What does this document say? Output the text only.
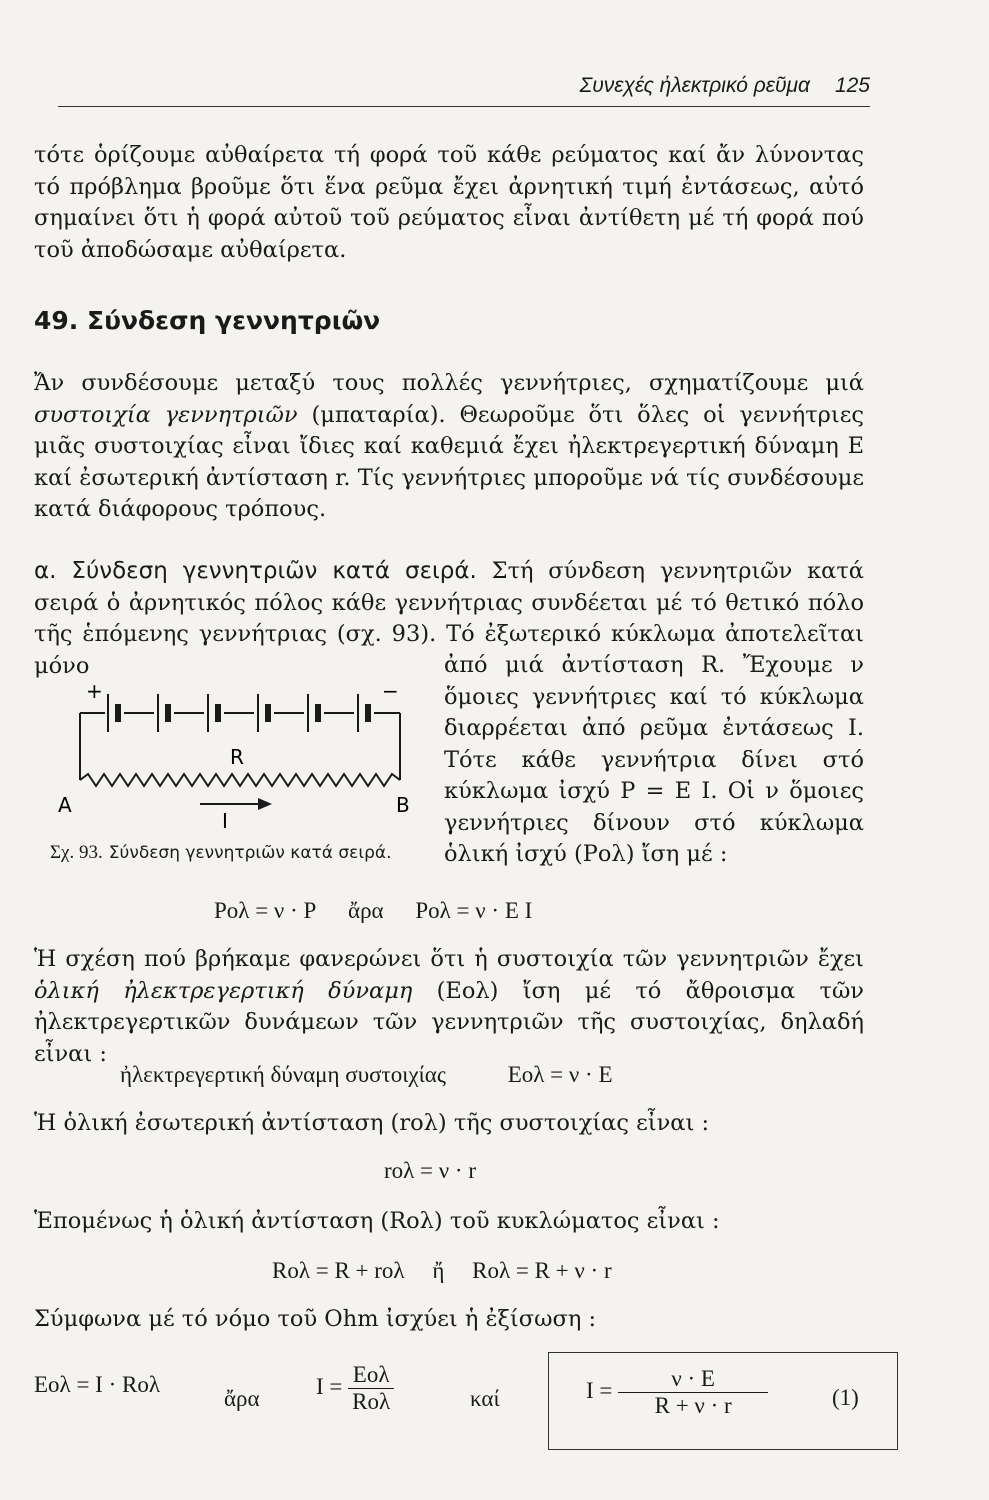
Συνεχές ἠλεκτρικό ρεῦμα 125
τότε ὁρίζουμε αὐθαίρετα τή φορά τοῦ κάθε ρεύματος καί ἄν λύνοντας τό πρόβλημα βροῦμε ὅτι ἕνα ρεῦμα ἔχει ἀρνητική τιμή ἐντάσεως, αὐτό σημαίνει ὅτι ἡ φορά αὐτοῦ τοῦ ρεύματος εἶναι ἀντίθετη μέ τή φορά πού τοῦ ἀποδώσαμε αὐθαίρετα.
49. Σύνδεση γεννητριῶν
Ἄν συνδέσουμε μεταξύ τους πολλές γεννήτριες, σχηματίζουμε μιά συστοιχία γεννητριῶν (μπαταρία). Θεωροῦμε ὅτι ὅλες οἱ γεννήτριες μιᾶς συστοιχίας εἶναι ἴδιες καί καθεμιά ἔχει ἠλεκτρεγερτική δύναμη Ε καί ἐσωτερική ἀντίσταση r. Τίς γεννήτριες μποροῦμε νά τίς συνδέσουμε κατά διάφορους τρόπους.
α. Σύνδεση γεννητριῶν κατά σειρά. Στή σύνδεση γεννητριῶν κατά σειρά ὁ ἀρνητικός πόλος κάθε γεννήτριας συνδέεται μέ τό θετικό πόλο τῆς ἑπόμενης γεννήτριας (σχ. 93). Τό ἐξωτερικό κύκλωμα ἀποτελεῖται μόνο	ἀπό μιά ἀντίσταση R. Ἔχουμε ν ὅμοιες γεννήτριες καί τό κύκλωμα διαρρέεται ἀπό ρεῦμα ἐντάσεως I. Τότε κάθε γεννήτρια δίνει στό κύκλωμα ἰσχύ Ρ = Ε I. Οἱ ν ὅμοιες γεννήτριες δίνουν στό κύκλωμα ὁλική ἰσχύ (Ρολ) ἴση μέ :
+	−
R
A	B
I
Σχ. 93. Σύνδεση γεννητριῶν κατά σειρά.
Ρολ = ν · Ρ ἄρα Ρολ = ν · Ε I
Ἡ σχέση πού βρήκαμε φανερώνει ὅτι ἡ συστοιχία τῶν γεννητριῶν ἔχει ὁλική ἠλεκτρεγερτική δύναμη (Εολ) ἴση μέ τό ἄθροισμα τῶν ἠλεκτρεγερτικῶν δυνάμεων τῶν γεννητριῶν τῆς συστοιχίας, δηλαδή εἶναι :
ἠλεκτρεγερτική δύναμη συστοιχίας	Εολ = ν · Ε
Ἡ ὁλική ἐσωτερική ἀντίσταση (rολ) τῆς συστοιχίας εἶναι :
rολ = ν · r
Ἑπομένως ἡ ὁλική ἀντίσταση (Rολ) τοῦ κυκλώματος εἶναι :
Rολ = R + rολ ἤ Rολ = R + ν · r
Σύμφωνα μέ τό νόμο τοῦ Ohm ἰσχύει ἡ ἐξίσωση :
Εολ = I · Rολ
ἄρα $I = \frac{\text{Εολ}}{\text{Rολ}}$	καί	$I = \frac{\nu \cdot E}{R + \nu \cdot r}$	(1)
